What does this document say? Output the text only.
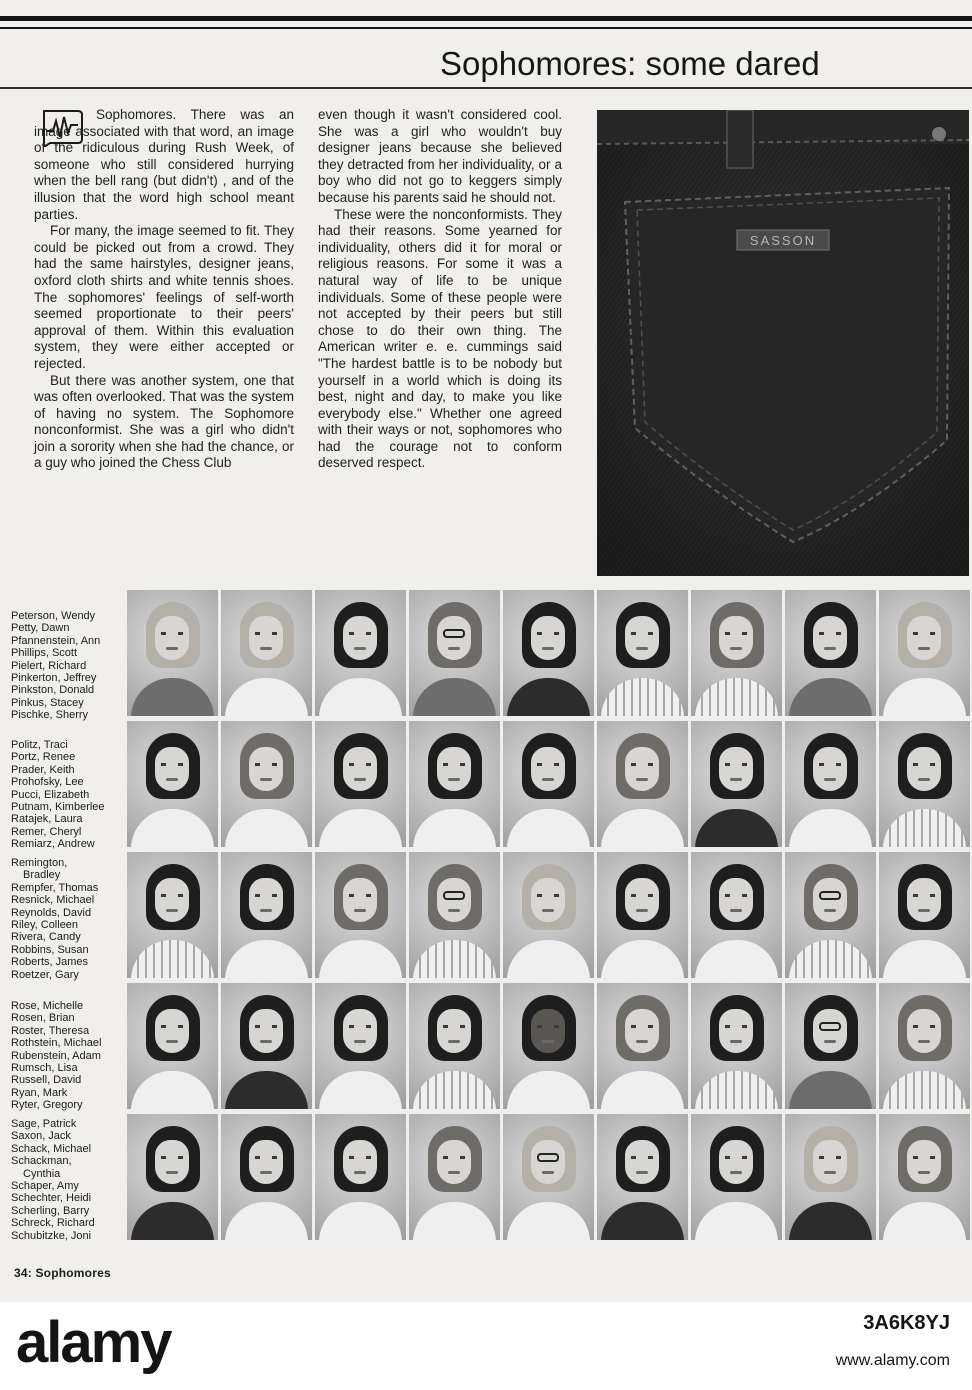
Sophomores: some dared

Sophomores. There was an image associated with that word, an image of the ridiculous during Rush Week, of someone who still considered hurrying when the bell rang (but didn't) , and of the illusion that the word high school meant parties.

For many, the image seemed to fit. They could be picked out from a crowd. They had the same hairstyles, designer jeans, oxford cloth shirts and white tennis shoes. The sophomores' feelings of self-worth seemed proportionate to their peers' approval of them. Within this evaluation system, they were either accepted or rejected.

But there was another system, one that was often overlooked. That was the system of having no system. The Sophomore nonconformist. She was a girl who didn't join a sorority when she had the chance, or a guy who joined the Chess Club

even though it wasn't considered cool. She was a girl who wouldn't buy designer jeans because she believed they detracted from her individuality, or a boy who did not go to keggers simply because his parents said he should not.

These were the nonconformists. They had their reasons. Some yearned for individuality, others did it for moral or religious reasons. For some it was a natural way of life to be unique individuals. Some of these people were not accepted by their peers but still chose to do their own thing. The American writer e. e. cummings said "The hardest battle is to be nobody but yourself in a world which is doing its best, night and day, to make you like everybody else." Whether one agreed with their ways or not, sophomores who had the courage not to conform deserved respect.

SASSON
Peterson, Wendy
Petty, Dawn
Pfannenstein, Ann
Phillips, Scott
Pielert, Richard
Pinkerton, Jeffrey
Pinkston, Donald
Pinkus, Stacey
Pischke, Sherry
Politz, Traci
Portz, Renee
Prader, Keith
Prohofsky, Lee
Pucci, Elizabeth
Putnam, Kimberlee
Ratajek, Laura
Remer, Cheryl
Remiarz, Andrew
Remington,
Bradley
Rempfer, Thomas
Resnick, Michael
Reynolds, David
Riley, Colleen
Rivera, Candy
Robbins, Susan
Roberts, James
Roetzer, Gary
Rose, Michelle
Rosen, Brian
Roster, Theresa
Rothstein, Michael
Rubenstein, Adam
Rumsch, Lisa
Russell, David
Ryan, Mark
Ryter, Gregory
Sage, Patrick
Saxon, Jack
Schack, Michael
Schackman,
Cynthia
Schaper, Amy
Schechter, Heidi
Scherling, Barry
Schreck, Richard
Schubitzke, Joni
34: Sophomores
alamy	3A6K8YJ
www.alamy.com
